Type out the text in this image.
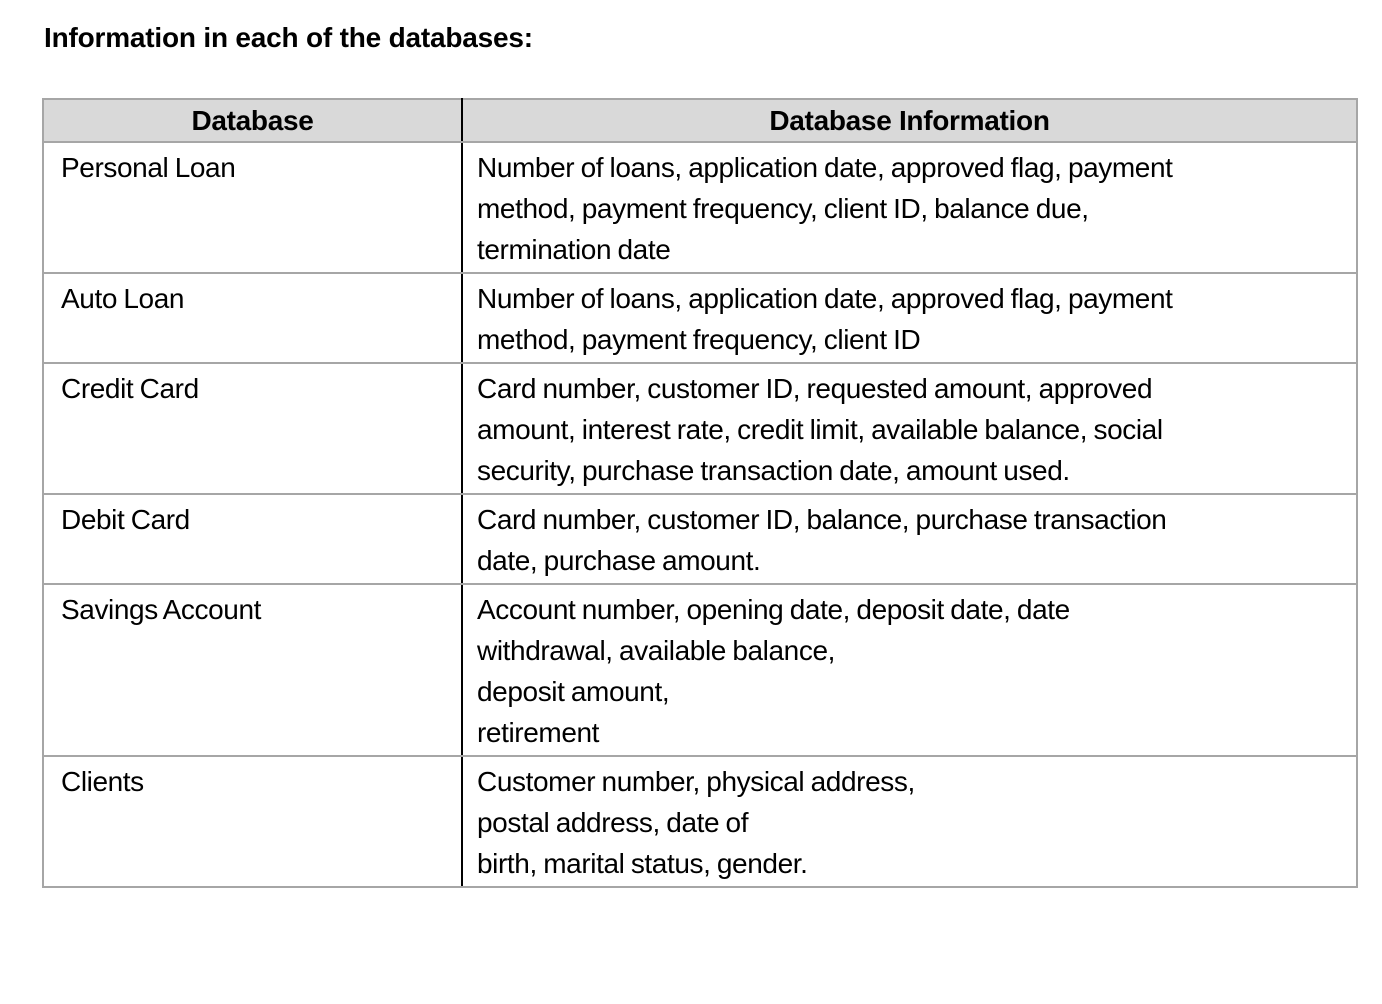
Information in each of the databases:
Database	Database Information
Personal Loan	Number of loans, application date, approved flag, payment
method, payment frequency, client ID, balance due,
termination date

Auto Loan	Number of loans, application date, approved flag, payment
method, payment frequency, client ID

Credit Card	Card number, customer ID, requested amount, approved
amount, interest rate, credit limit, available balance, social
security, purchase transaction date, amount used.

Debit Card	Card number, customer ID, balance, purchase transaction
date, purchase amount.

Savings Account	Account number, opening date, deposit date, date
withdrawal, available balance,
deposit amount,
retirement

Clients	Customer number, physical address,
postal address, date of
birth, marital status, gender.
